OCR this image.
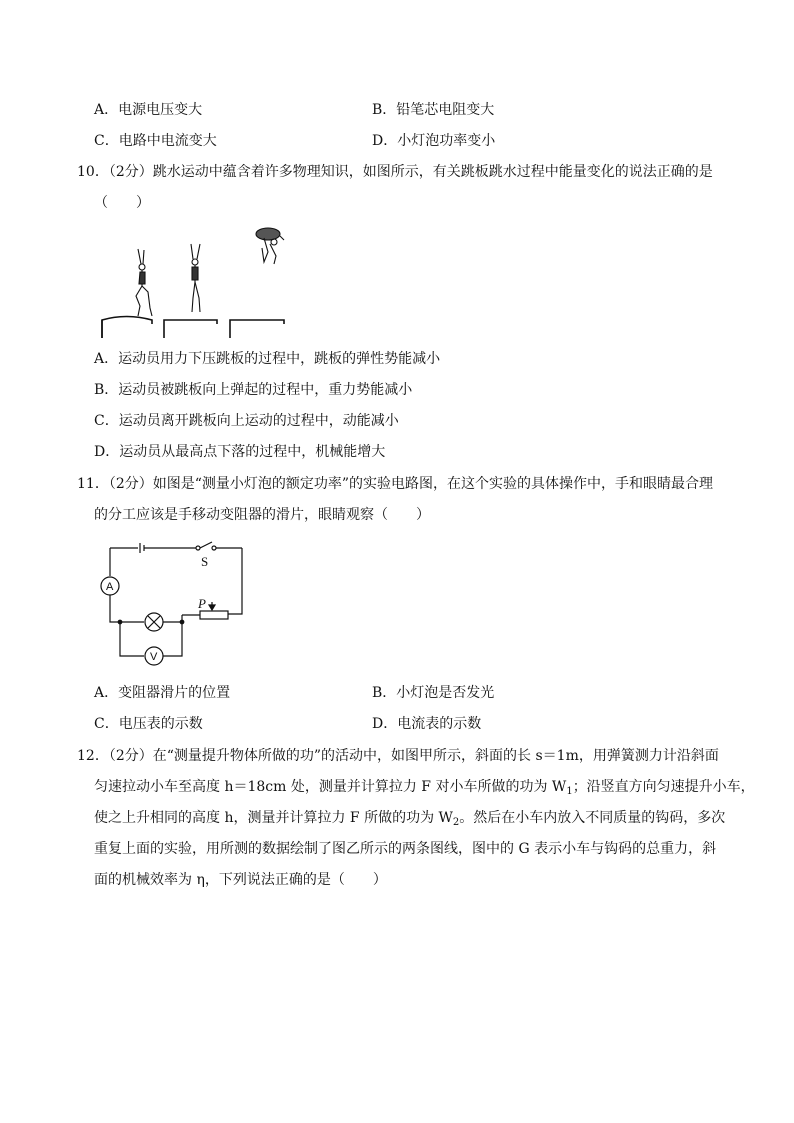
A．电源电压变大	B．铅笔芯电阻变大
C．电路中电流变大	D．小灯泡功率变小
10．（2分）跳水运动中蕴含着许多物理知识，如图所示，有关跳板跳水过程中能量变化的说法正确的是
（　　）
A．运动员用力下压跳板的过程中，跳板的弹性势能减小
B．运动员被跳板向上弹起的过程中，重力势能减小
C．运动员离开跳板向上运动的过程中，动能减小
D．运动员从最高点下落的过程中，机械能增大
11．（2分）如图是“测量小灯泡的额定功率”的实验电路图，在这个实验的具体操作中，手和眼睛最合理
的分工应该是手移动变阻器的滑片，眼睛观察（　　）
A
V
S
P
A．变阻器滑片的位置	B．小灯泡是否发光
C．电压表的示数	D．电流表的示数
12．（2分）在“测量提升物体所做的功”的活动中，如图甲所示，斜面的长 s＝1m，用弹簧测力计沿斜面
匀速拉动小车至高度 h＝18cm 处，测量并计算拉力 F 对小车所做的功为 $W_1$；沿竖直方向匀速提升小车，
使之上升相同的高度 h，测量并计算拉力 F 所做的功为 $W_2$。然后在小车内放入不同质量的钩码，多次
重复上面的实验，用所测的数据绘制了图乙所示的两条图线，图中的 G 表示小车与钩码的总重力，斜
面的机械效率为 η，下列说法正确的是（　　）
